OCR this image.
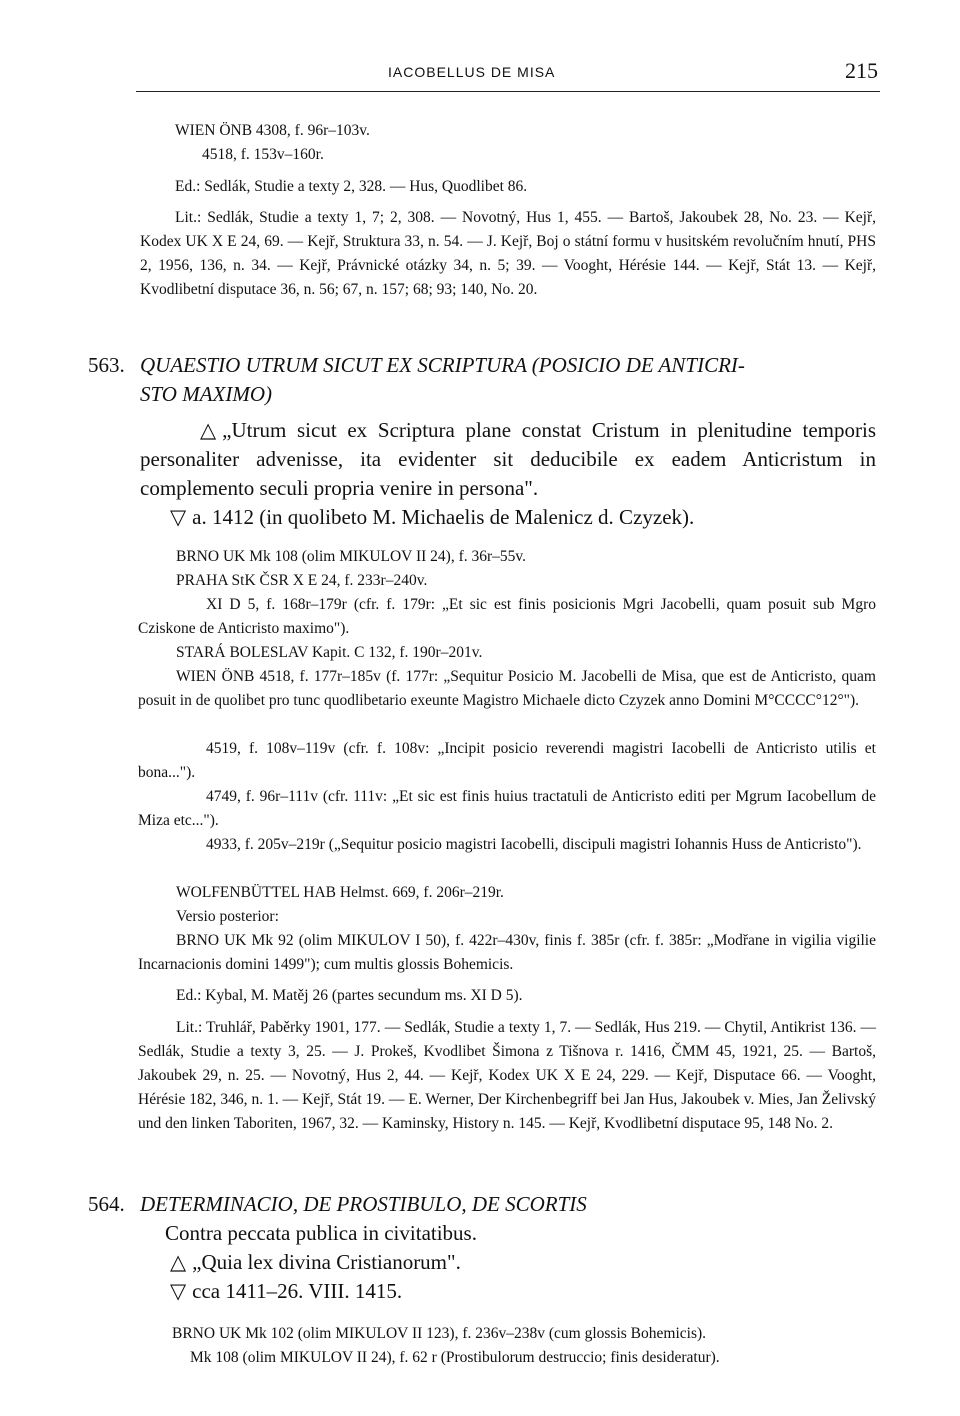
IACOBELLUS DE MISA	215
WIEN ÖNB 4308, f. 96r–103v.
4518, f. 153v–160r.
Ed.: Sedlák, Studie a texty 2, 328. — Hus, Quodlibet 86.
Lit.: Sedlák, Studie a texty 1, 7; 2, 308. — Novotný, Hus 1, 455. — Bartoš, Jakoubek 28, No. 23. — Kejř, Kodex UK X E 24, 69. — Kejř, Struktura 33, n. 54. — J. Kejř, Boj o státní formu v husitském revolučním hnutí, PHS 2, 1956, 136, n. 34. — Kejř, Právnické otázky 34, n. 5; 39. — Vooght, Hérésie 144. — Kejř, Stát 13. — Kejř, Kvodlibetní disputace 36, n. 56; 67, n. 157; 68; 93; 140, No. 20.
563. QUAESTIO UTRUM SICUT EX SCRIPTURA (POSICIO DE ANTICRI-
STO MAXIMO)
△ „Utrum sicut ex Scriptura plane constat Cristum in plenitudine temporis personaliter advenisse, ita evidenter sit deducibile ex eadem Anticristum in complemento seculi propria venire in persona".
▽ a. 1412 (in quolibeto M. Michaelis de Malenicz d. Czyzek).
BRNO UK Mk 108 (olim MIKULOV II 24), f. 36r–55v.
PRAHA StK ČSR X E 24, f. 233r–240v.
XI D 5, f. 168r–179r (cfr. f. 179r: „Et sic est finis posicionis Mgri Jacobelli, quam posuit sub Mgro Cziskone de Anticristo maximo").
STARÁ BOLESLAV Kapit. C 132, f. 190r–201v.
WIEN ÖNB 4518, f. 177r–185v (f. 177r: „Sequitur Posicio M. Jacobelli de Misa, que est de Anticristo, quam posuit in de quolibet pro tunc quodlibetario exeunte Magistro Michaele dicto Czyzek anno Domini M°CCCC°12°").
4519, f. 108v–119v (cfr. f. 108v: „Incipit posicio reverendi magistri Iacobelli de Anticristo utilis et bona...").
4749, f. 96r–111v (cfr. 111v: „Et sic est finis huius tractatuli de Anticristo editi per Mgrum Iacobellum de Miza etc...").
4933, f. 205v–219r („Sequitur posicio magistri Iacobelli, discipuli magistri Iohannis Huss de Anticristo").
WOLFENBÜTTEL HAB Helmst. 669, f. 206r–219r.
Versio posterior:
BRNO UK Mk 92 (olim MIKULOV I 50), f. 422r–430v, finis f. 385r (cfr. f. 385r: „Modřane in vigilia vigilie Incarnacionis domini 1499"); cum multis glossis Bohemicis.
Ed.: Kybal, M. Matěj 26 (partes secundum ms. XI D 5).
Lit.: Truhlář, Paběrky 1901, 177. — Sedlák, Studie a texty 1, 7. — Sedlák, Hus 219. — Chytil, Antikrist 136. — Sedlák, Studie a texty 3, 25. — J. Prokeš, Kvodlibet Šimona z Tišnova r. 1416, ČMM 45, 1921, 25. — Bartoš, Jakoubek 29, n. 25. — Novotný, Hus 2, 44. — Kejř, Kodex UK X E 24, 229. — Kejř, Disputace 66. — Vooght, Hérésie 182, 346, n. 1. — Kejř, Stát 19. — E. Werner, Der Kirchenbegriff bei Jan Hus, Jakoubek v. Mies, Jan Želivský und den linken Taboriten, 1967, 32. — Kaminsky, History n. 145. — Kejř, Kvodlibetní disputace 95, 148 No. 2.
564. DETERMINACIO, DE PROSTIBULO, DE SCORTIS
Contra peccata publica in civitatibus.
△ „Quia lex divina Cristianorum".
▽ cca 1411–26. VIII. 1415.
BRNO UK Mk 102 (olim MIKULOV II 123), f. 236v–238v (cum glossis Bohemicis).
Mk 108 (olim MIKULOV II 24), f. 62 r (Prostibulorum destruccio; finis desideratur).
